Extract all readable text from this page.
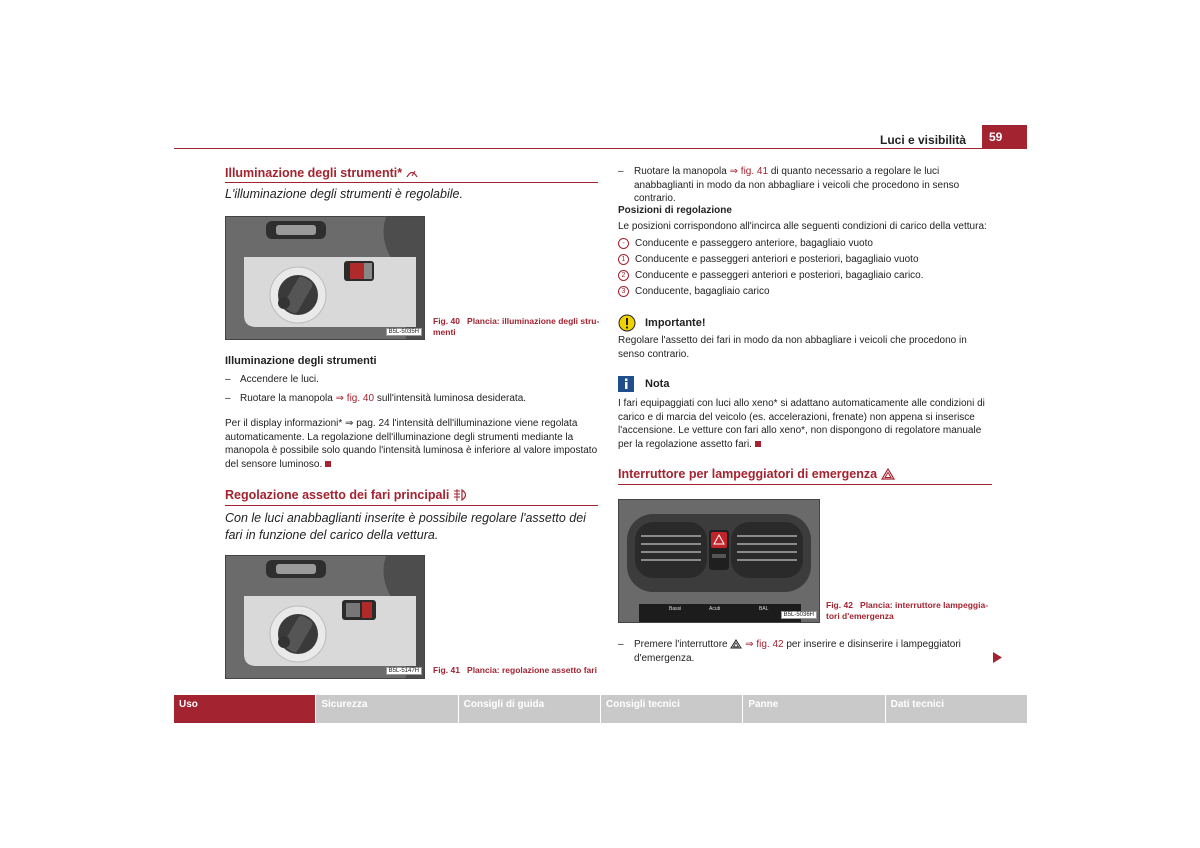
Luci e visibilità	59
Illuminazione degli strumenti*
L'illuminazione degli strumenti è regolabile.
B5L-5035H
Fig. 40 Plancia: illuminazione degli stru-
menti
Illuminazione degli strumenti
– Accendere le luci.
– Ruotare la manopola ⇒ fig. 40 sull'intensità luminosa desiderata.
Per il display informazioni* ⇒ pag. 24 l'intensità dell'illuminazione viene regolata automaticamente. La regolazione dell'illuminazione degli strumenti mediante la manopola è possibile solo quando l'intensità luminosa è inferiore al valore impostato del sensore luminoso.
Regolazione assetto dei fari principali
Con le luci anabbaglianti inserite è possibile regolare l'assetto dei fari in funzione del carico della vettura.
B5L-5147H	Fig. 41 Plancia: regolazione assetto fari
– Ruotare la manopola ⇒ fig. 41 di quanto necessario a regolare le luci anabbaglianti in modo da non abbagliare i veicoli che procedono in senso contrario.
Posizioni di regolazione
Le posizioni corrispondono all'incirca alle seguenti condizioni di carico della vettura:
- Conducente e passeggero anteriore, bagagliaio vuoto
1 Conducente e passeggeri anteriori e posteriori, bagagliaio vuoto
2 Conducente e passeggeri anteriori e posteriori, bagagliaio carico.
3 Conducente, bagagliaio carico
Importante!
Regolare l'assetto dei fari in modo da non abbagliare i veicoli che procedono in senso contrario.
Nota
I fari equipaggiati con luci allo xeno* si adattano automaticamente alle condizioni di carico e di marcia del veicolo (es. accelerazioni, frenate) non appena si inserisce l'accensione. Le vetture con fari allo xeno*, non dispongono di regolatore manuale per la regolazione assetto fari.
Interruttore per lampeggiatori di emergenza
Bassi	Acuti	BAL
B5L-5036H
Fig. 42 Plancia: interruttore lampeggia-
tori d'emergenza
– Premere l'interruttore  ⇒ fig. 42 per inserire e disinserire i lampeggiatori d'emergenza.
Uso	Sicurezza	Consigli di guida	Consigli tecnici	Panne	Dati tecnici
